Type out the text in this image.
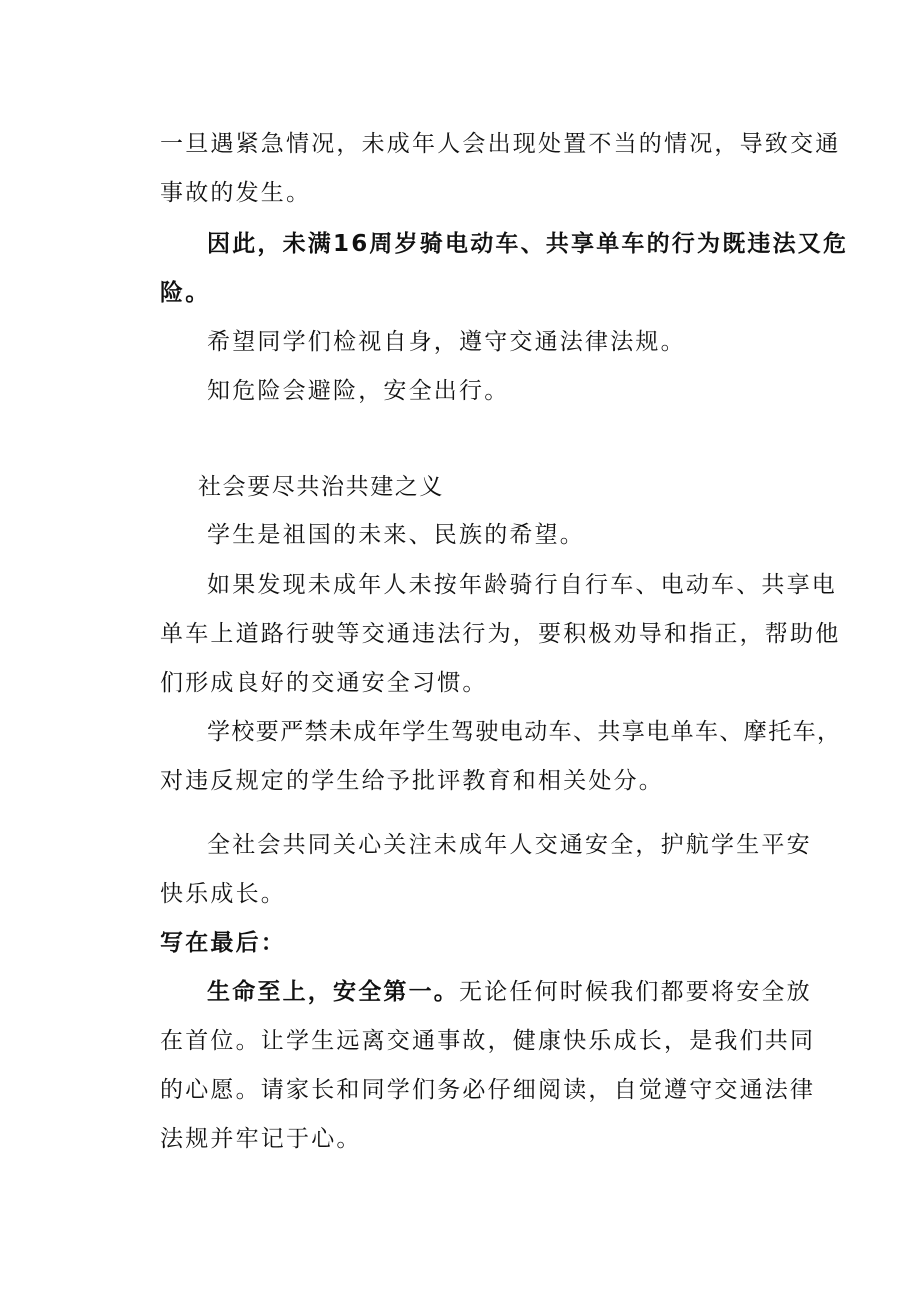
一旦遇紧急情况，未成年人会出现处置不当的情况，导致交通
事故的发生。
因此，未满16周岁骑电动车、共享单车的行为既违法又危
险。
希望同学们检视自身，遵守交通法律法规。
知危险会避险，安全出行。
社会要尽共治共建之义
学生是祖国的未来、民族的希望。
如果发现未成年人未按年龄骑行自行车、电动车、共享电
单车上道路行驶等交通违法行为，要积极劝导和指正，帮助他
们形成良好的交通安全习惯。
学校要严禁未成年学生驾驶电动车、共享电单车、摩托车，
对违反规定的学生给予批评教育和相关处分。
全社会共同关心关注未成年人交通安全，护航学生平安
快乐成长。
写在最后：
生命至上，安全第一。无论任何时候我们都要将安全放
在首位。让学生远离交通事故，健康快乐成长，是我们共同
的心愿。请家长和同学们务必仔细阅读，自觉遵守交通法律
法规并牢记于心。
